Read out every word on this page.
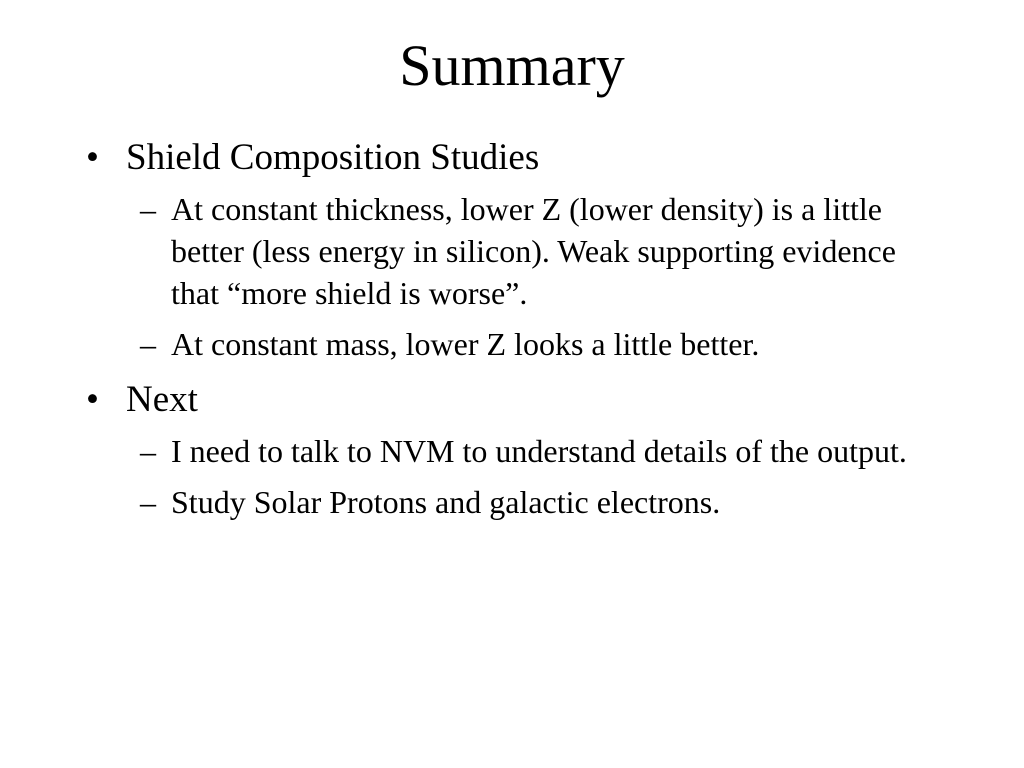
Summary
• Shield Composition Studies
– At constant thickness, lower Z (lower density) is a little better (less energy in silicon). Weak supporting evidence that “more shield is worse”.
– At constant mass, lower Z looks a little better.
• Next
– I need to talk to NVM to understand details of the output.
– Study Solar Protons and galactic electrons.
